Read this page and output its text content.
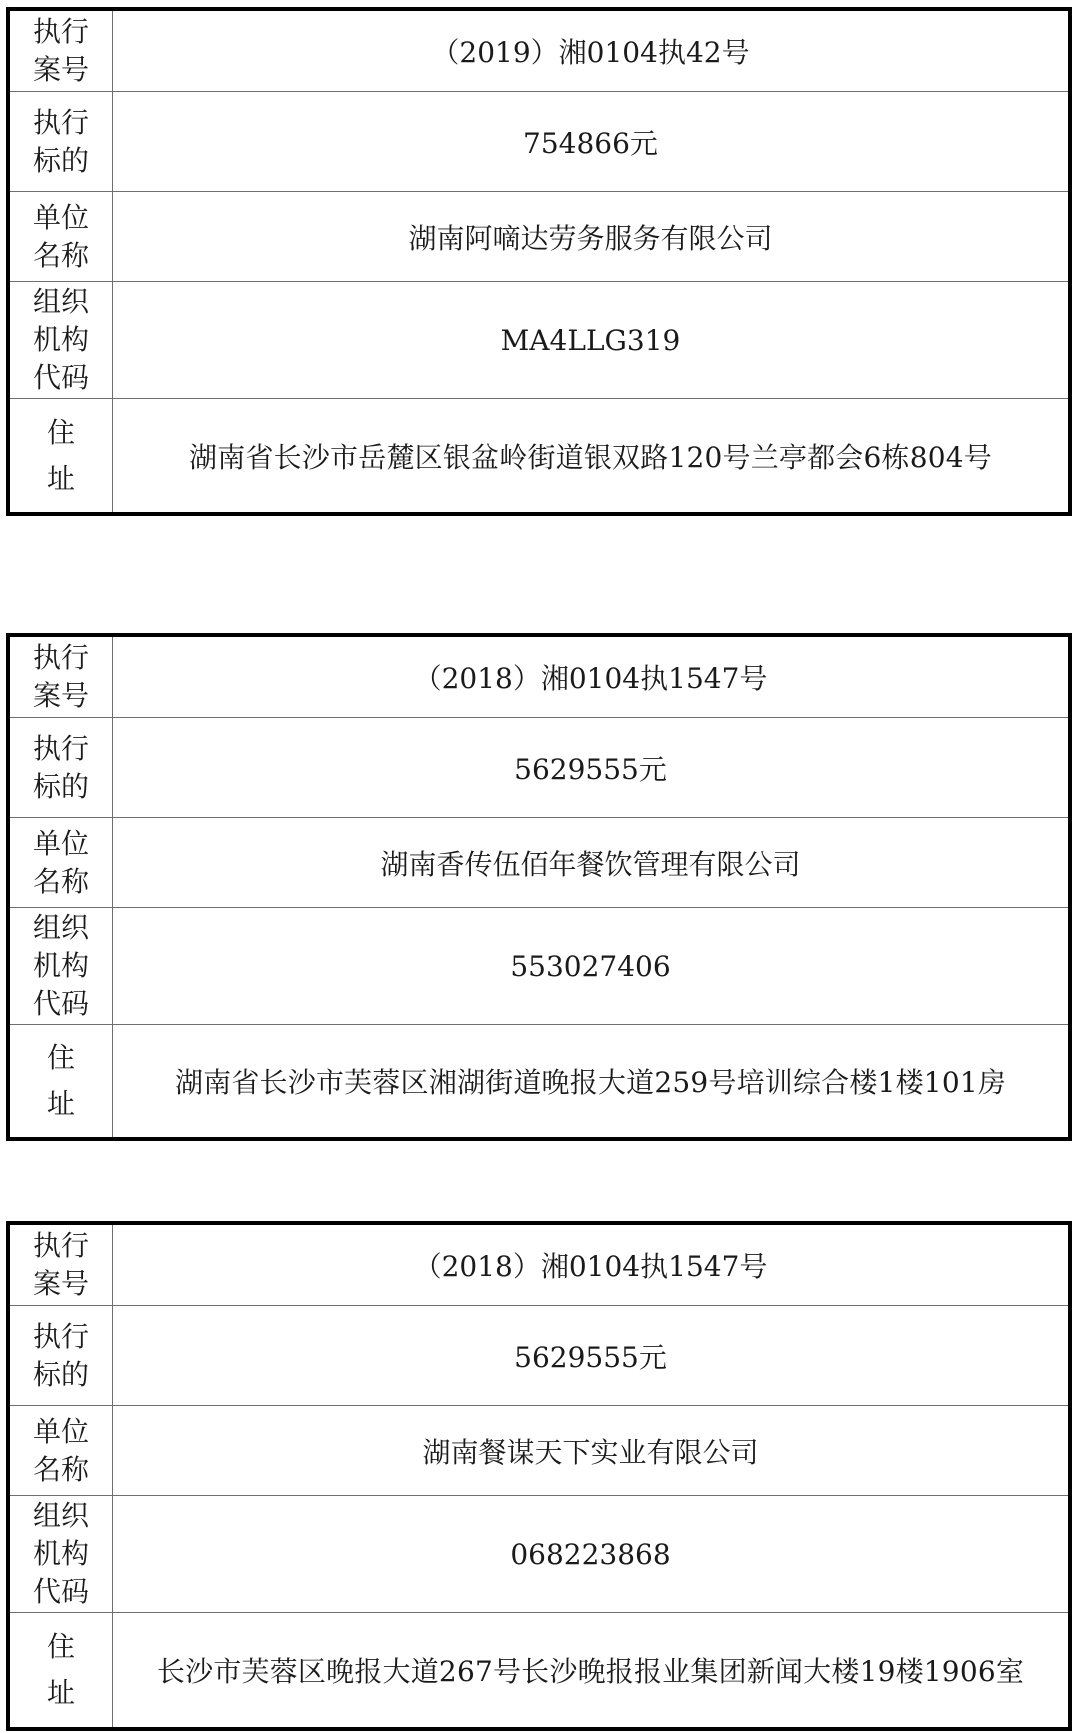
执行
案号
（2019）湘0104执42号
执行
标的
754866元
单位
名称
湖南阿嘀达劳务服务有限公司
组织
机构
代码
MA4LLG319
住
址
湖南省长沙市岳麓区银盆岭街道银双路120号兰亭都会6栋804号
执行
案号
（2018）湘0104执1547号
执行
标的
5629555元
单位
名称
湖南香传伍佰年餐饮管理有限公司
组织
机构
代码
553027406
住
址
湖南省长沙市芙蓉区湘湖街道晚报大道259号培训综合楼1楼101房
执行
案号
（2018）湘0104执1547号
执行
标的
5629555元
单位
名称
湖南餐谋天下实业有限公司
组织
机构
代码
068223868
住
址
长沙市芙蓉区晚报大道267号长沙晚报报业集团新闻大楼19楼1906室
